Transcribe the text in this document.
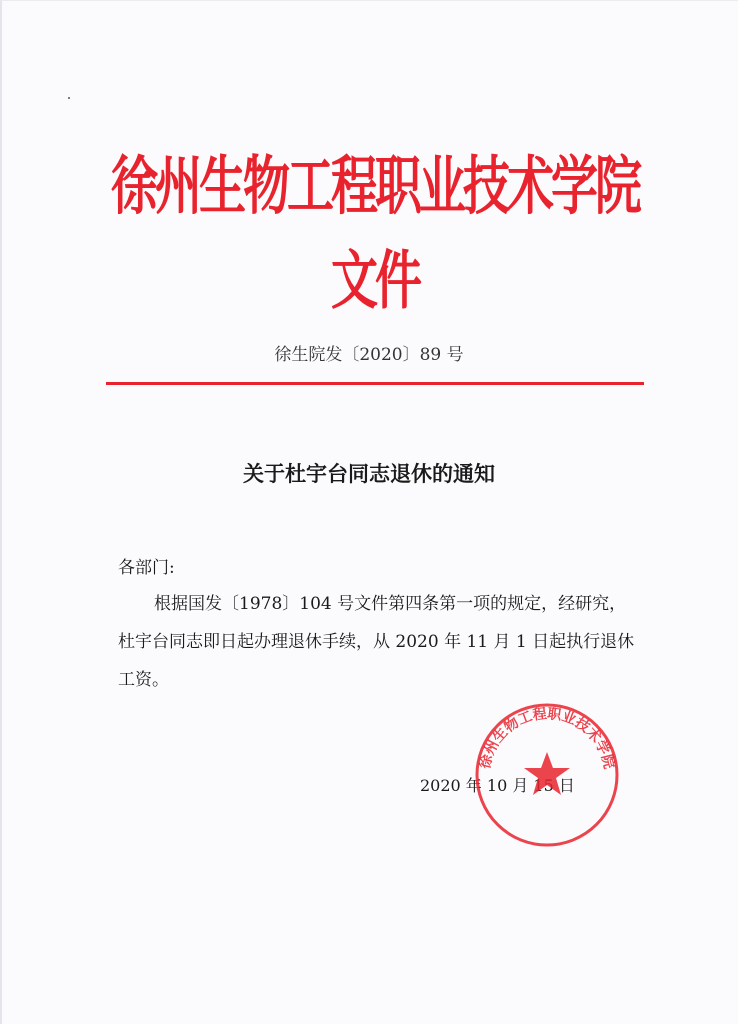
徐州生物工程职业技术学院文件
徐生院发〔2020〕89 号
关于杜宇台同志退休的通知
各部门:
根据国发〔1978〕104 号文件第四条第一项的规定，经研究，杜宇台同志即日起办理退休手续，从 2020 年 11 月 1 日起执行退休工资。
2020 年 10 月 15 日
徐州生物工程职业技术学院
